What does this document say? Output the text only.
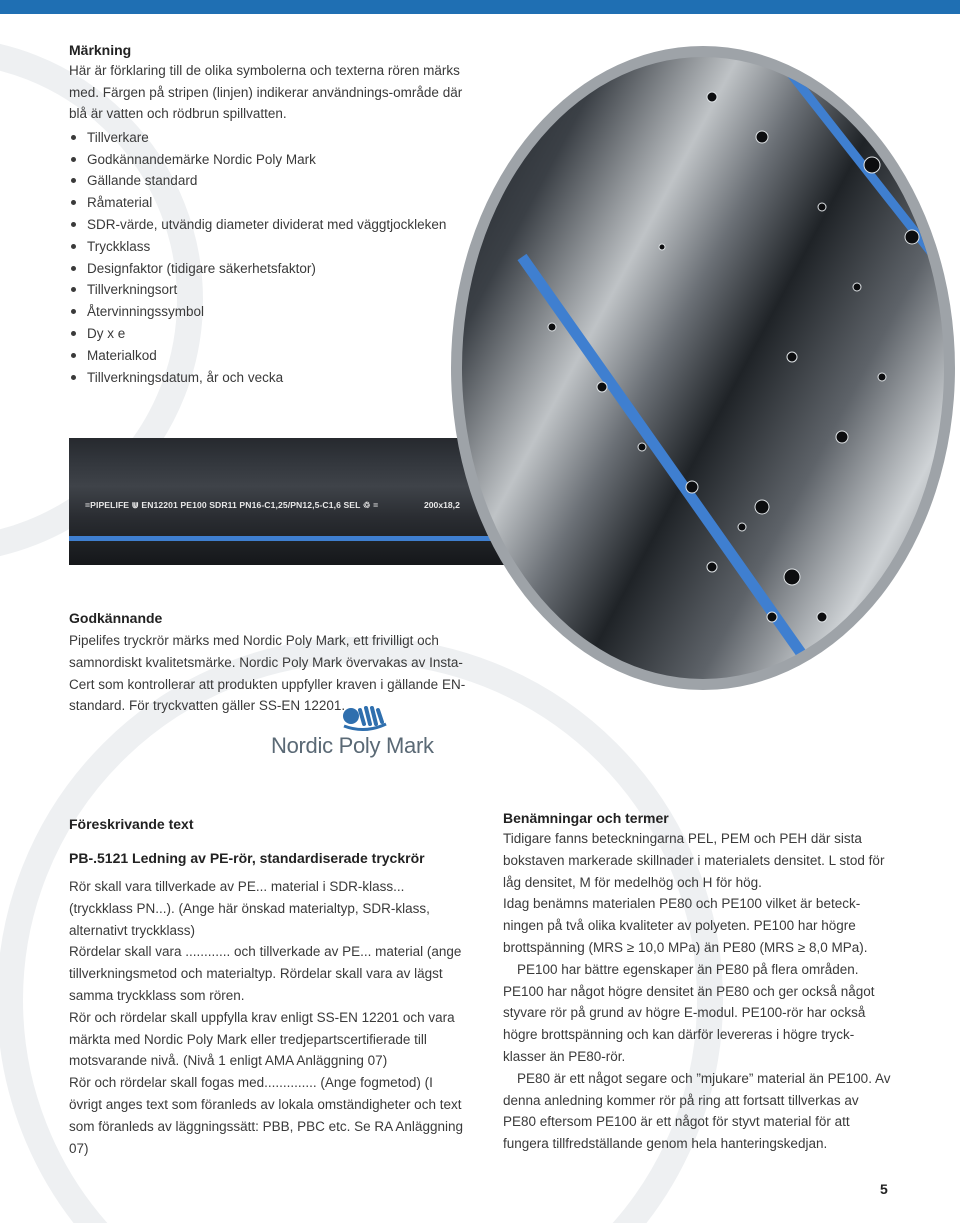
Märkning
Här är förklaring till de olika symbolerna och texterna rören märks med. Färgen på stripen (linjen) indikerar användnings-område där blå är vatten och rödbrun spillvatten.
Tillverkare
Godkännandemärke Nordic Poly Mark
Gällande standard
Råmaterial
SDR-värde, utvändig diameter dividerat med väggtjockleken
Tryckklass
Designfaktor (tidigare säkerhetsfaktor)
Tillverkningsort
Återvinningssymbol
Dy x e
Materialkod
Tillverkningsdatum, år och vecka
=PIPELIFE ⋓ EN12201 PE100 SDR11 PN16-C1,25/PN12,5-C1,6 SEL ♲ =	200x18,2
Godkännande
Pipelifes tryckrör märks med Nordic Poly Mark, ett frivilligt och samnordiskt kvalitetsmärke. Nordic Poly Mark övervakas av Insta-Cert som kontrollerar att produkten uppfyller kraven i gällande EN-standard. För tryckvatten gäller SS-EN 12201.
Nordic Poly Mark
Föreskrivande text
PB-.5121 Ledning av PE-rör, standardiserade tryckrör
Rör skall vara tillverkade av PE... material i SDR-klass... (tryckklass PN...). (Ange här önskad materialtyp, SDR-klass, alternativt tryckklass)
Rördelar skall vara ............ och tillverkade av PE... material (ange tillverkningsmetod och materialtyp. Rördelar skall vara av lägst samma tryckklass som rören.
Rör och rördelar skall uppfylla krav enligt SS-EN 12201 och vara märkta med Nordic Poly Mark eller tredjepartscertifierade till motsvarande nivå. (Nivå 1 enligt AMA Anläggning 07)
Rör och rördelar skall fogas med.............. (Ange fogmetod) (I övrigt anges text som föranleds av lokala omständigheter och text som föranleds av läggningssätt: PBB, PBC etc. Se RA Anläggning 07)
Benämningar och termer
Tidigare fanns beteckningarna PEL, PEM och PEH där sista bokstaven markerade skillnader i materialets densitet. L stod för låg densitet, M för medelhög och H för hög.
Idag benämns materialen PE80 och PE100 vilket är beteck-ningen på två olika kvaliteter av polyeten. PE100 har högre brottspänning (MRS ≥ 10,0 MPa) än PE80 (MRS ≥ 8,0 MPa).
PE100 har bättre egenskaper än PE80 på flera områden. PE100 har något högre densitet än PE80 och ger också något styvare rör på grund av högre E-modul. PE100-rör har också högre brottspänning och kan därför levereras i högre tryck-klasser än PE80-rör.
PE80 är ett något segare och ”mjukare” material än PE100. Av denna anledning kommer rör på ring att fortsatt tillverkas av PE80 eftersom PE100 är ett något för styvt material för att fungera tillfredställande genom hela hanteringskedjan.
5
